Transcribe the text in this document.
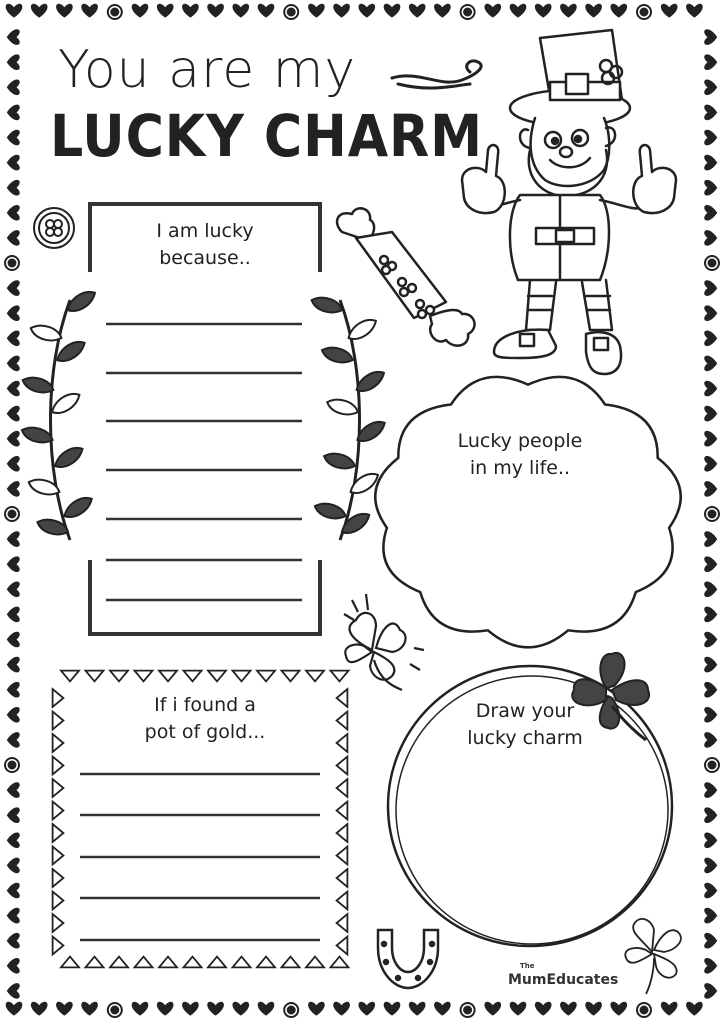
You are my
LUCKY CHARM
I am lucky
because..
Lucky people
in my life..
If i found a
pot of gold...
Draw your
lucky charm
The
MumEducates
